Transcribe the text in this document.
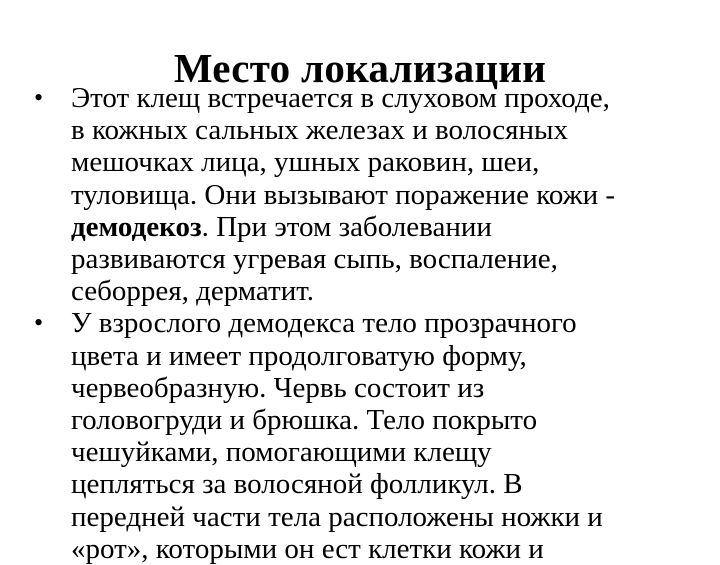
Место локализации
• Этот клещ встречается в слуховом проходе,
в кожных сальных железах и волосяных
мешочках лица, ушных раковин, шеи,
туловища. Они вызывают поражение кожи -
демодекоз. При этом заболевании
развиваются угревая сыпь, воспаление,
себоррея, дерматит.
• У взрослого демодекса тело прозрачного
цвета и имеет продолговатую форму,
червеобразную. Червь состоит из
головогруди и брюшка. Тело покрыто
чешуйками, помогающими клещу
цепляться за волосяной фолликул. В
передней части тела расположены ножки и
«рот», которыми он ест клетки кожи и
